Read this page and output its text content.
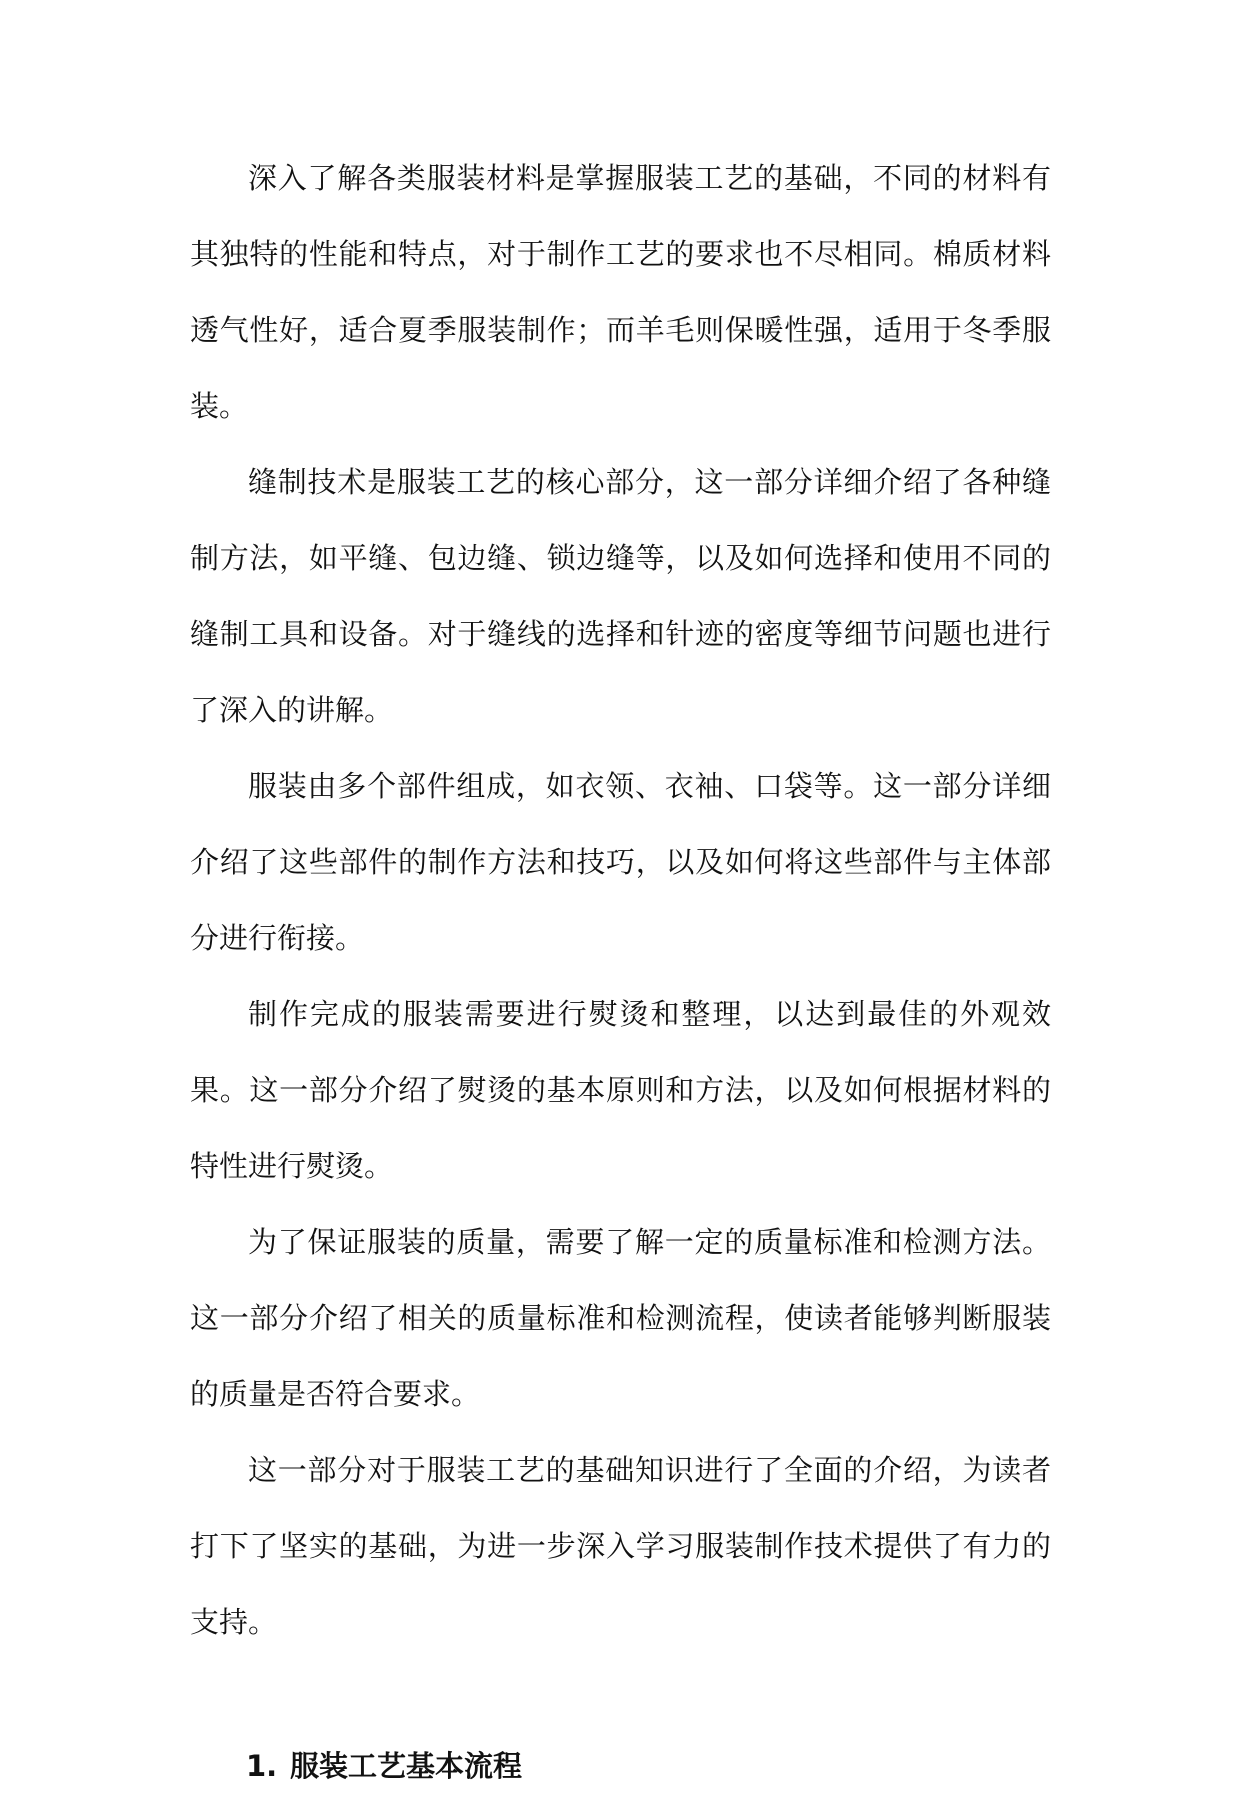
深入了解各类服装材料是掌握服装工艺的基础，不同的材料有其独特的性能和特点，对于制作工艺的要求也不尽相同。棉质材料透气性好，适合夏季服装制作；而羊毛则保暖性强，适用于冬季服装。

缝制技术是服装工艺的核心部分，这一部分详细介绍了各种缝制方法，如平缝、包边缝、锁边缝等，以及如何选择和使用不同的缝制工具和设备。对于缝线的选择和针迹的密度等细节问题也进行了深入的讲解。

服装由多个部件组成，如衣领、衣袖、口袋等。这一部分详细介绍了这些部件的制作方法和技巧，以及如何将这些部件与主体部分进行衔接。

制作完成的服装需要进行熨烫和整理，以达到最佳的外观效果。这一部分介绍了熨烫的基本原则和方法，以及如何根据材料的特性进行熨烫。

为了保证服装的质量，需要了解一定的质量标准和检测方法。这一部分介绍了相关的质量标准和检测流程，使读者能够判断服装的质量是否符合要求。

这一部分对于服装工艺的基础知识进行了全面的介绍，为读者打下了坚实的基础，为进一步深入学习服装制作技术提供了有力的支持。

1. 服装工艺基本流程
